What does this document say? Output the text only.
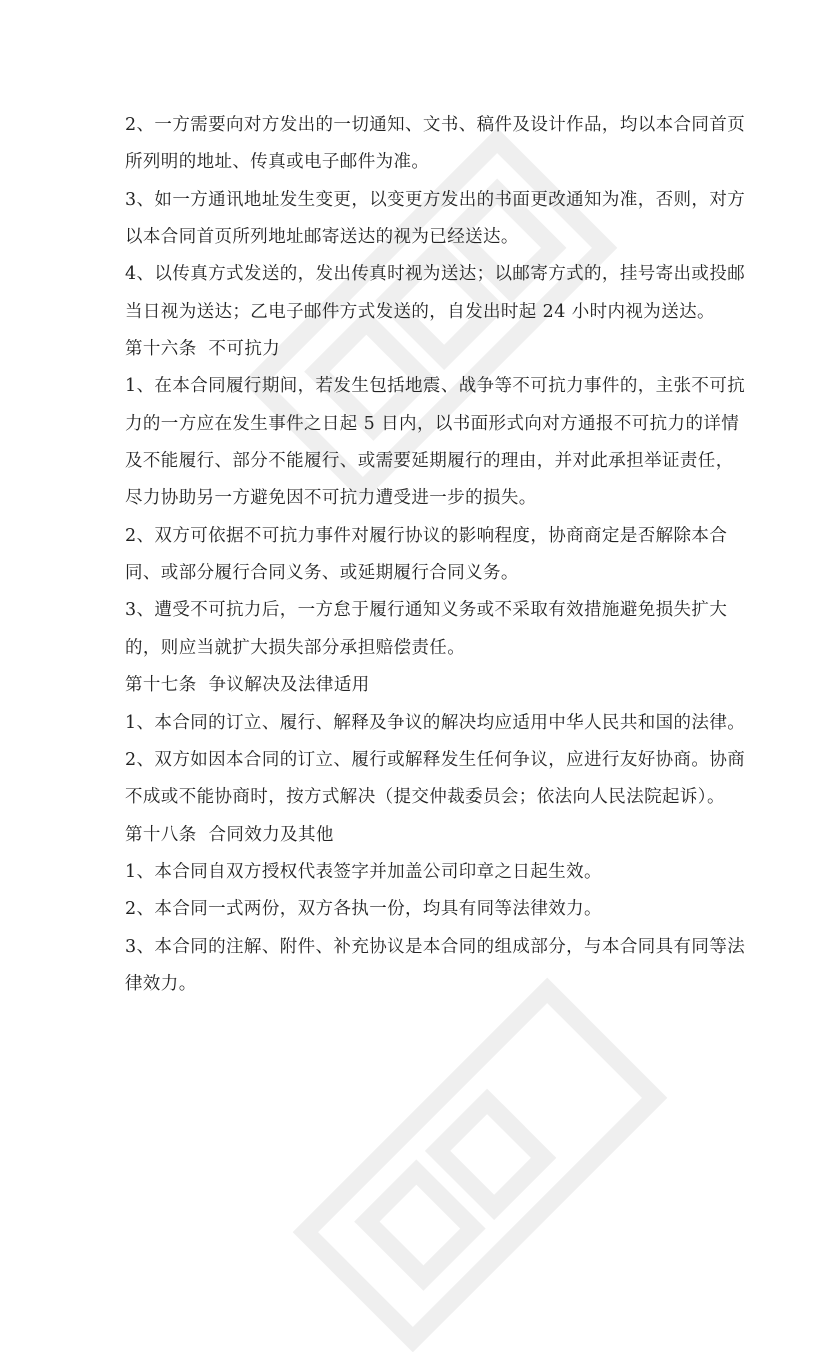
2、一方需要向对方发出的一切通知、文书、稿件及设计作品，均以本合同首页
所列明的地址、传真或电子邮件为准。

3、如一方通讯地址发生变更，以变更方发出的书面更改通知为准，否则，对方
以本合同首页所列地址邮寄送达的视为已经送达。

4、以传真方式发送的，发出传真时视为送达；以邮寄方式的，挂号寄出或投邮
当日视为送达；乙电子邮件方式发送的，自发出时起 24 小时内视为送达。

第十六条  不可抗力

1、在本合同履行期间，若发生包括地震、战争等不可抗力事件的，主张不可抗
力的一方应在发生事件之日起 5 日内，以书面形式向对方通报不可抗力的详情
及不能履行、部分不能履行、或需要延期履行的理由，并对此承担举证责任，
尽力协助另一方避免因不可抗力遭受进一步的损失。

2、双方可依据不可抗力事件对履行协议的影响程度，协商商定是否解除本合
同、或部分履行合同义务、或延期履行合同义务。

3、遭受不可抗力后，一方怠于履行通知义务或不采取有效措施避免损失扩大
的，则应当就扩大损失部分承担赔偿责任。

第十七条  争议解决及法律适用

1、本合同的订立、履行、解释及争议的解决均应适用中华人民共和国的法律。

2、双方如因本合同的订立、履行或解释发生任何争议，应进行友好协商。协商
不成或不能协商时，按方式解决（提交仲裁委员会；依法向人民法院起诉）。

第十八条  合同效力及其他

1、本合同自双方授权代表签字并加盖公司印章之日起生效。

2、本合同一式两份，双方各执一份，均具有同等法律效力。

3、本合同的注解、附件、补充协议是本合同的组成部分，与本合同具有同等法
律效力。
